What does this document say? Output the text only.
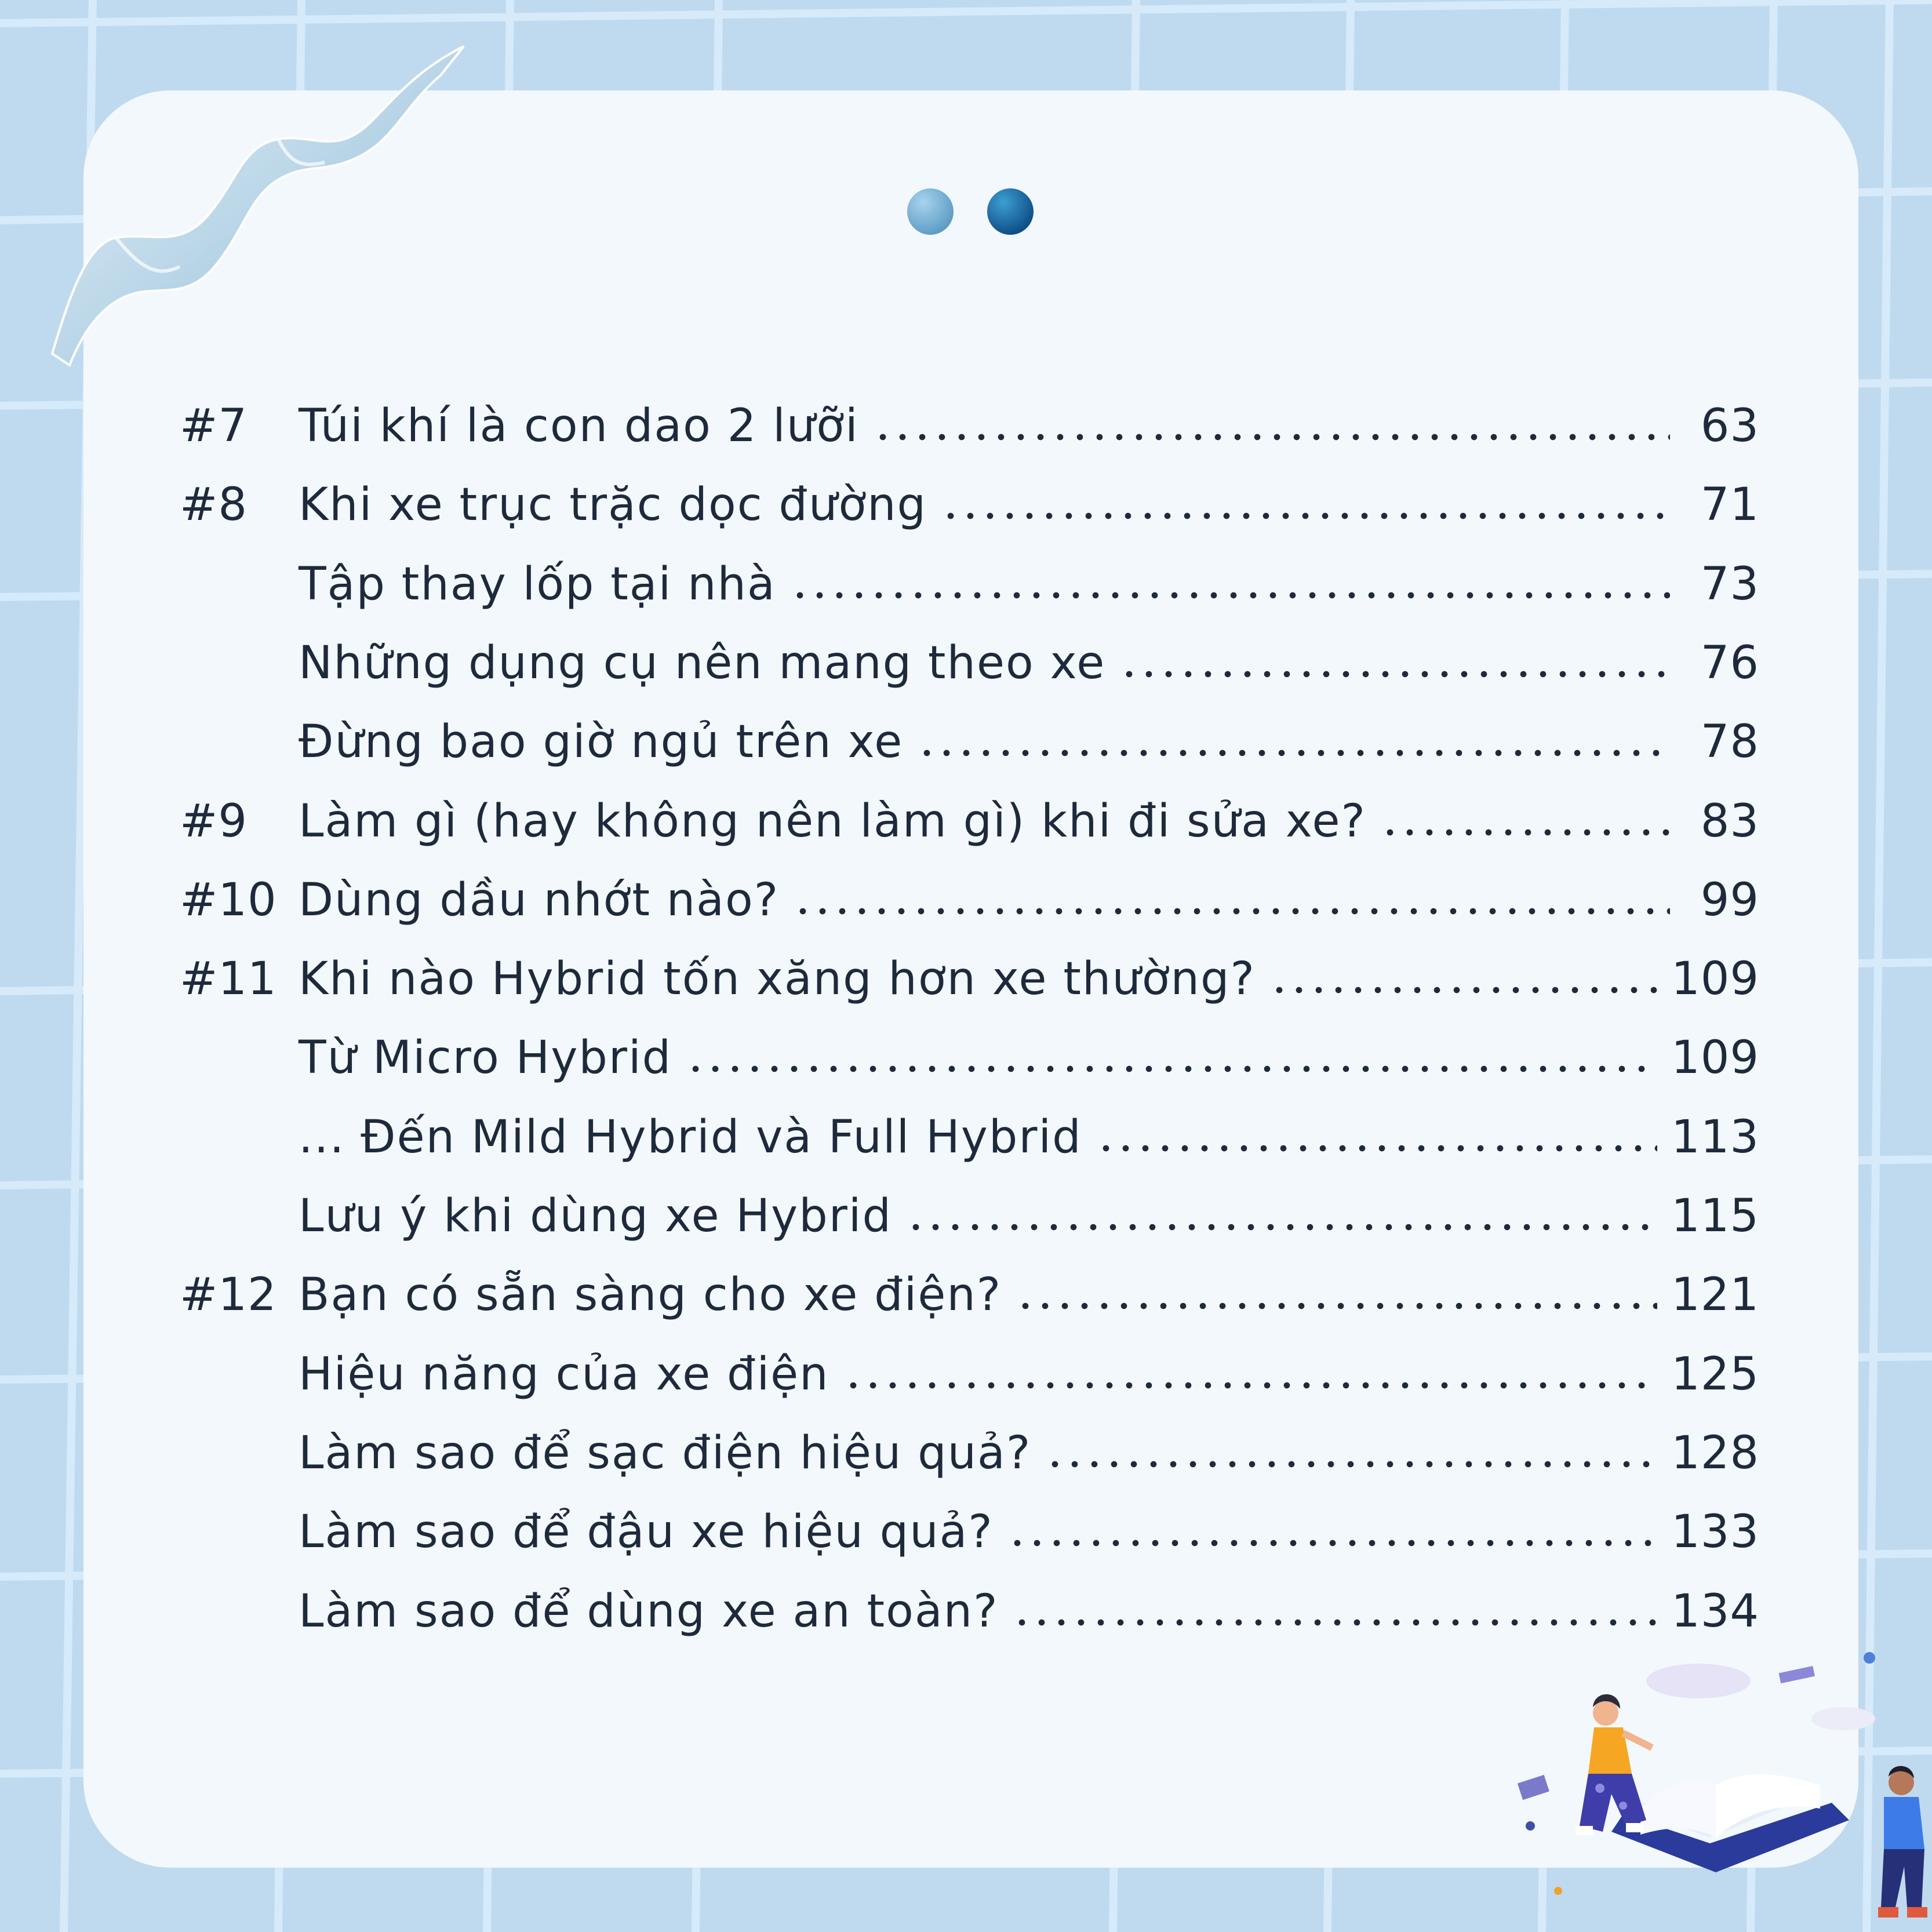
#7	Túi khí là con dao 2 lưỡi	63
#8	Khi xe trục trặc dọc đường	71
Tập thay lốp tại nhà	73
Những dụng cụ nên mang theo xe	76
Đừng bao giờ ngủ trên xe	78
#9	Làm gì (hay không nên làm gì) khi đi sửa xe?	83
#10 Dùng dầu nhớt nào?	99
#11 Khi nào Hybrid tốn xăng hơn xe thường?	109
Từ Micro Hybrid	109
... Đến Mild Hybrid và Full Hybrid	113
Lưu ý khi dùng xe Hybrid	115
#12 Bạn có sẵn sàng cho xe điện?	121
Hiệu năng của xe điện	125
Làm sao để sạc điện hiệu quả?	128
Làm sao để đậu xe hiệu quả?	133
Làm sao để dùng xe an toàn?	134
